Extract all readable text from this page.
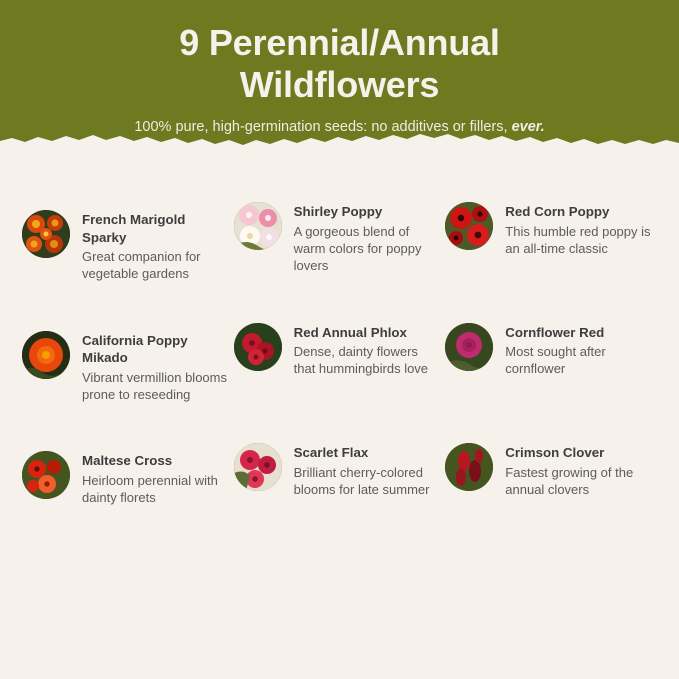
9 Perennial/Annual
Wildflowers
100% pure, high-germination seeds: no additives or fillers, ever.

French Marigold Sparky

Great companion for vegetable gardens

Shirley Poppy

A gorgeous blend of warm colors for poppy lovers

Red Corn Poppy

This humble red poppy is an all-time classic

California Poppy Mikado

Vibrant vermillion blooms prone to reseeding

Red Annual Phlox

Dense, dainty flowers that hummingbirds love

Cornflower Red

Most sought after cornflower

Maltese Cross

Heirloom perennial with dainty florets

Scarlet Flax

Brilliant cherry-colored blooms for late summer

Crimson Clover

Fastest growing of the annual clovers
